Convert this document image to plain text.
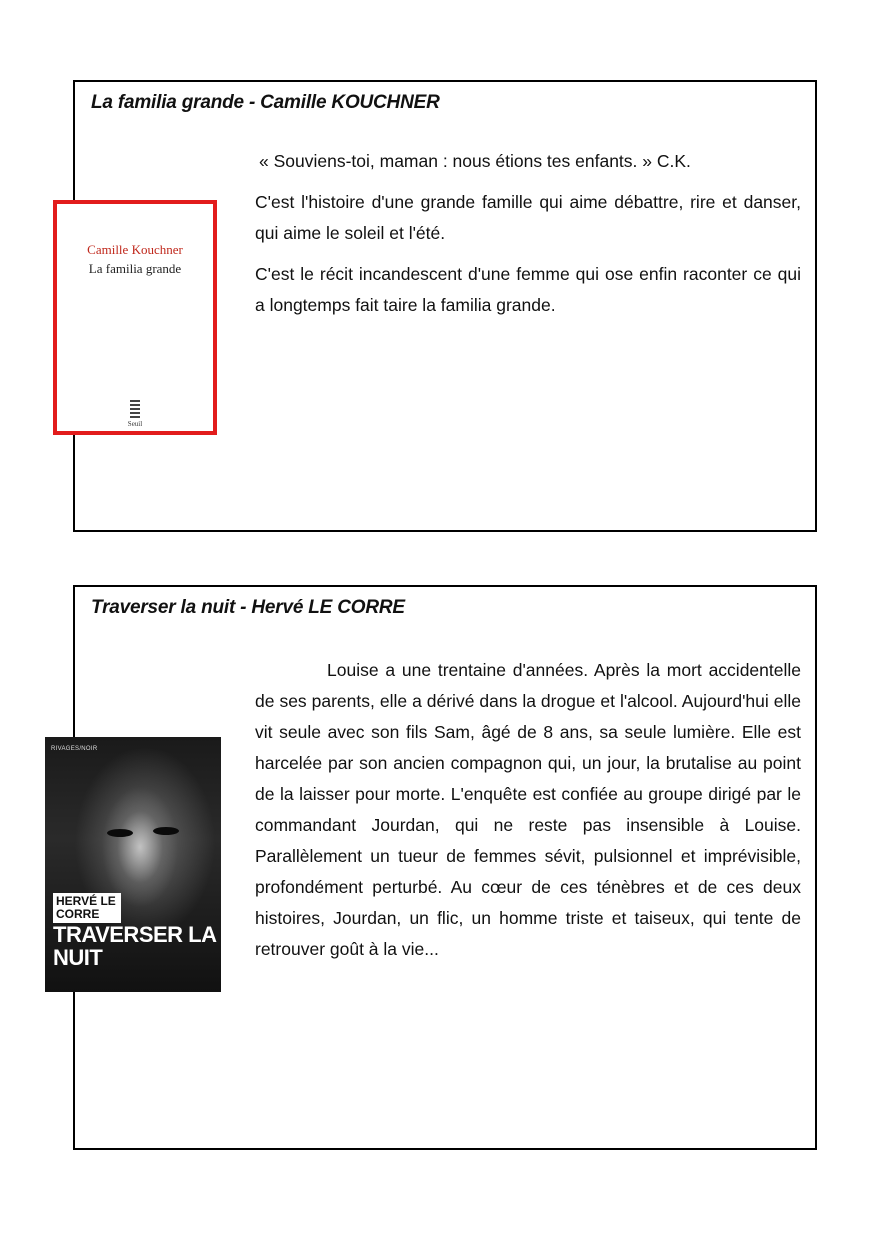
La familia grande - Camille KOUCHNER

« Souviens-toi, maman : nous étions tes enfants. » C.K.

C'est l'histoire d'une grande famille qui aime débattre, rire et danser, qui aime le soleil et l'été.

C'est le récit incandescent d'une femme qui ose enfin raconter ce qui a longtemps fait taire la familia grande.

Camille Kouchner
La familia grande
Seuil
Traverser la nuit - Hervé LE CORRE

Louise a une trentaine d'années. Après la mort accidentelle de ses parents, elle a dérivé dans la drogue et l'alcool. Aujourd'hui elle vit seule avec son fils Sam, âgé de 8 ans, sa seule lumière. Elle est harcelée par son ancien compagnon qui, un jour, la brutalise au point de la laisser pour morte. L'enquête est confiée au groupe dirigé par le commandant Jourdan, qui ne reste pas insensible à Louise. Parallèlement un tueur de femmes sévit, pulsionnel et imprévisible, profondément perturbé. Au cœur de ces ténèbres et de ces deux histoires, Jourdan, un flic, un homme triste et taiseux, qui tente de retrouver goût à la vie...

RIVAGES/NOIR
HERVÉ LE CORRE
TRAVERSER LA NUIT
